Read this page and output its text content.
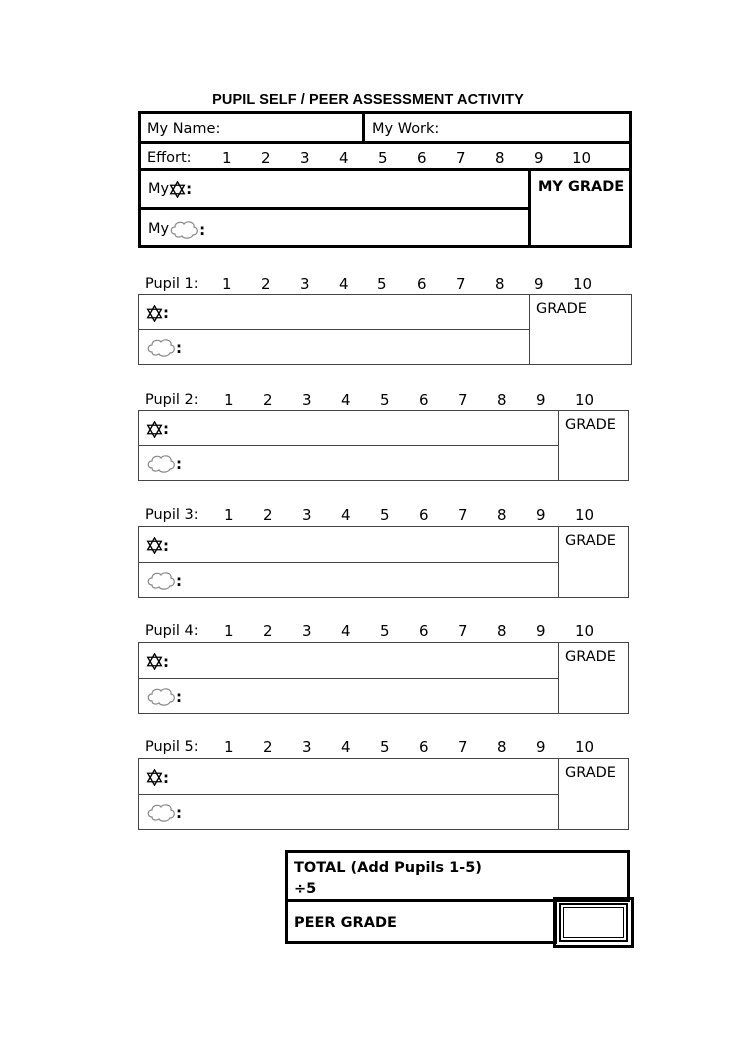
PUPIL SELF / PEER ASSESSMENT ACTIVITY
My Name:	My Work:
Effort: 1 2 3 4 5 6 7 8 9 10
My :
My :
MY GRADE
Pupil 1: 1 2 3 4 5 6 7 8 9 10
:
:
GRADE
Pupil 2: 1 2 3 4 5 6 7 8 9 10
:
:
GRADE
Pupil 3: 1 2 3 4 5 6 7 8 9 10
:
:
GRADE
Pupil 4: 1 2 3 4 5 6 7 8 9 10
:
:
GRADE
Pupil 5: 1 2 3 4 5 6 7 8 9 10
:
:
GRADE
TOTAL (Add Pupils 1-5)
÷5
PEER GRADE
